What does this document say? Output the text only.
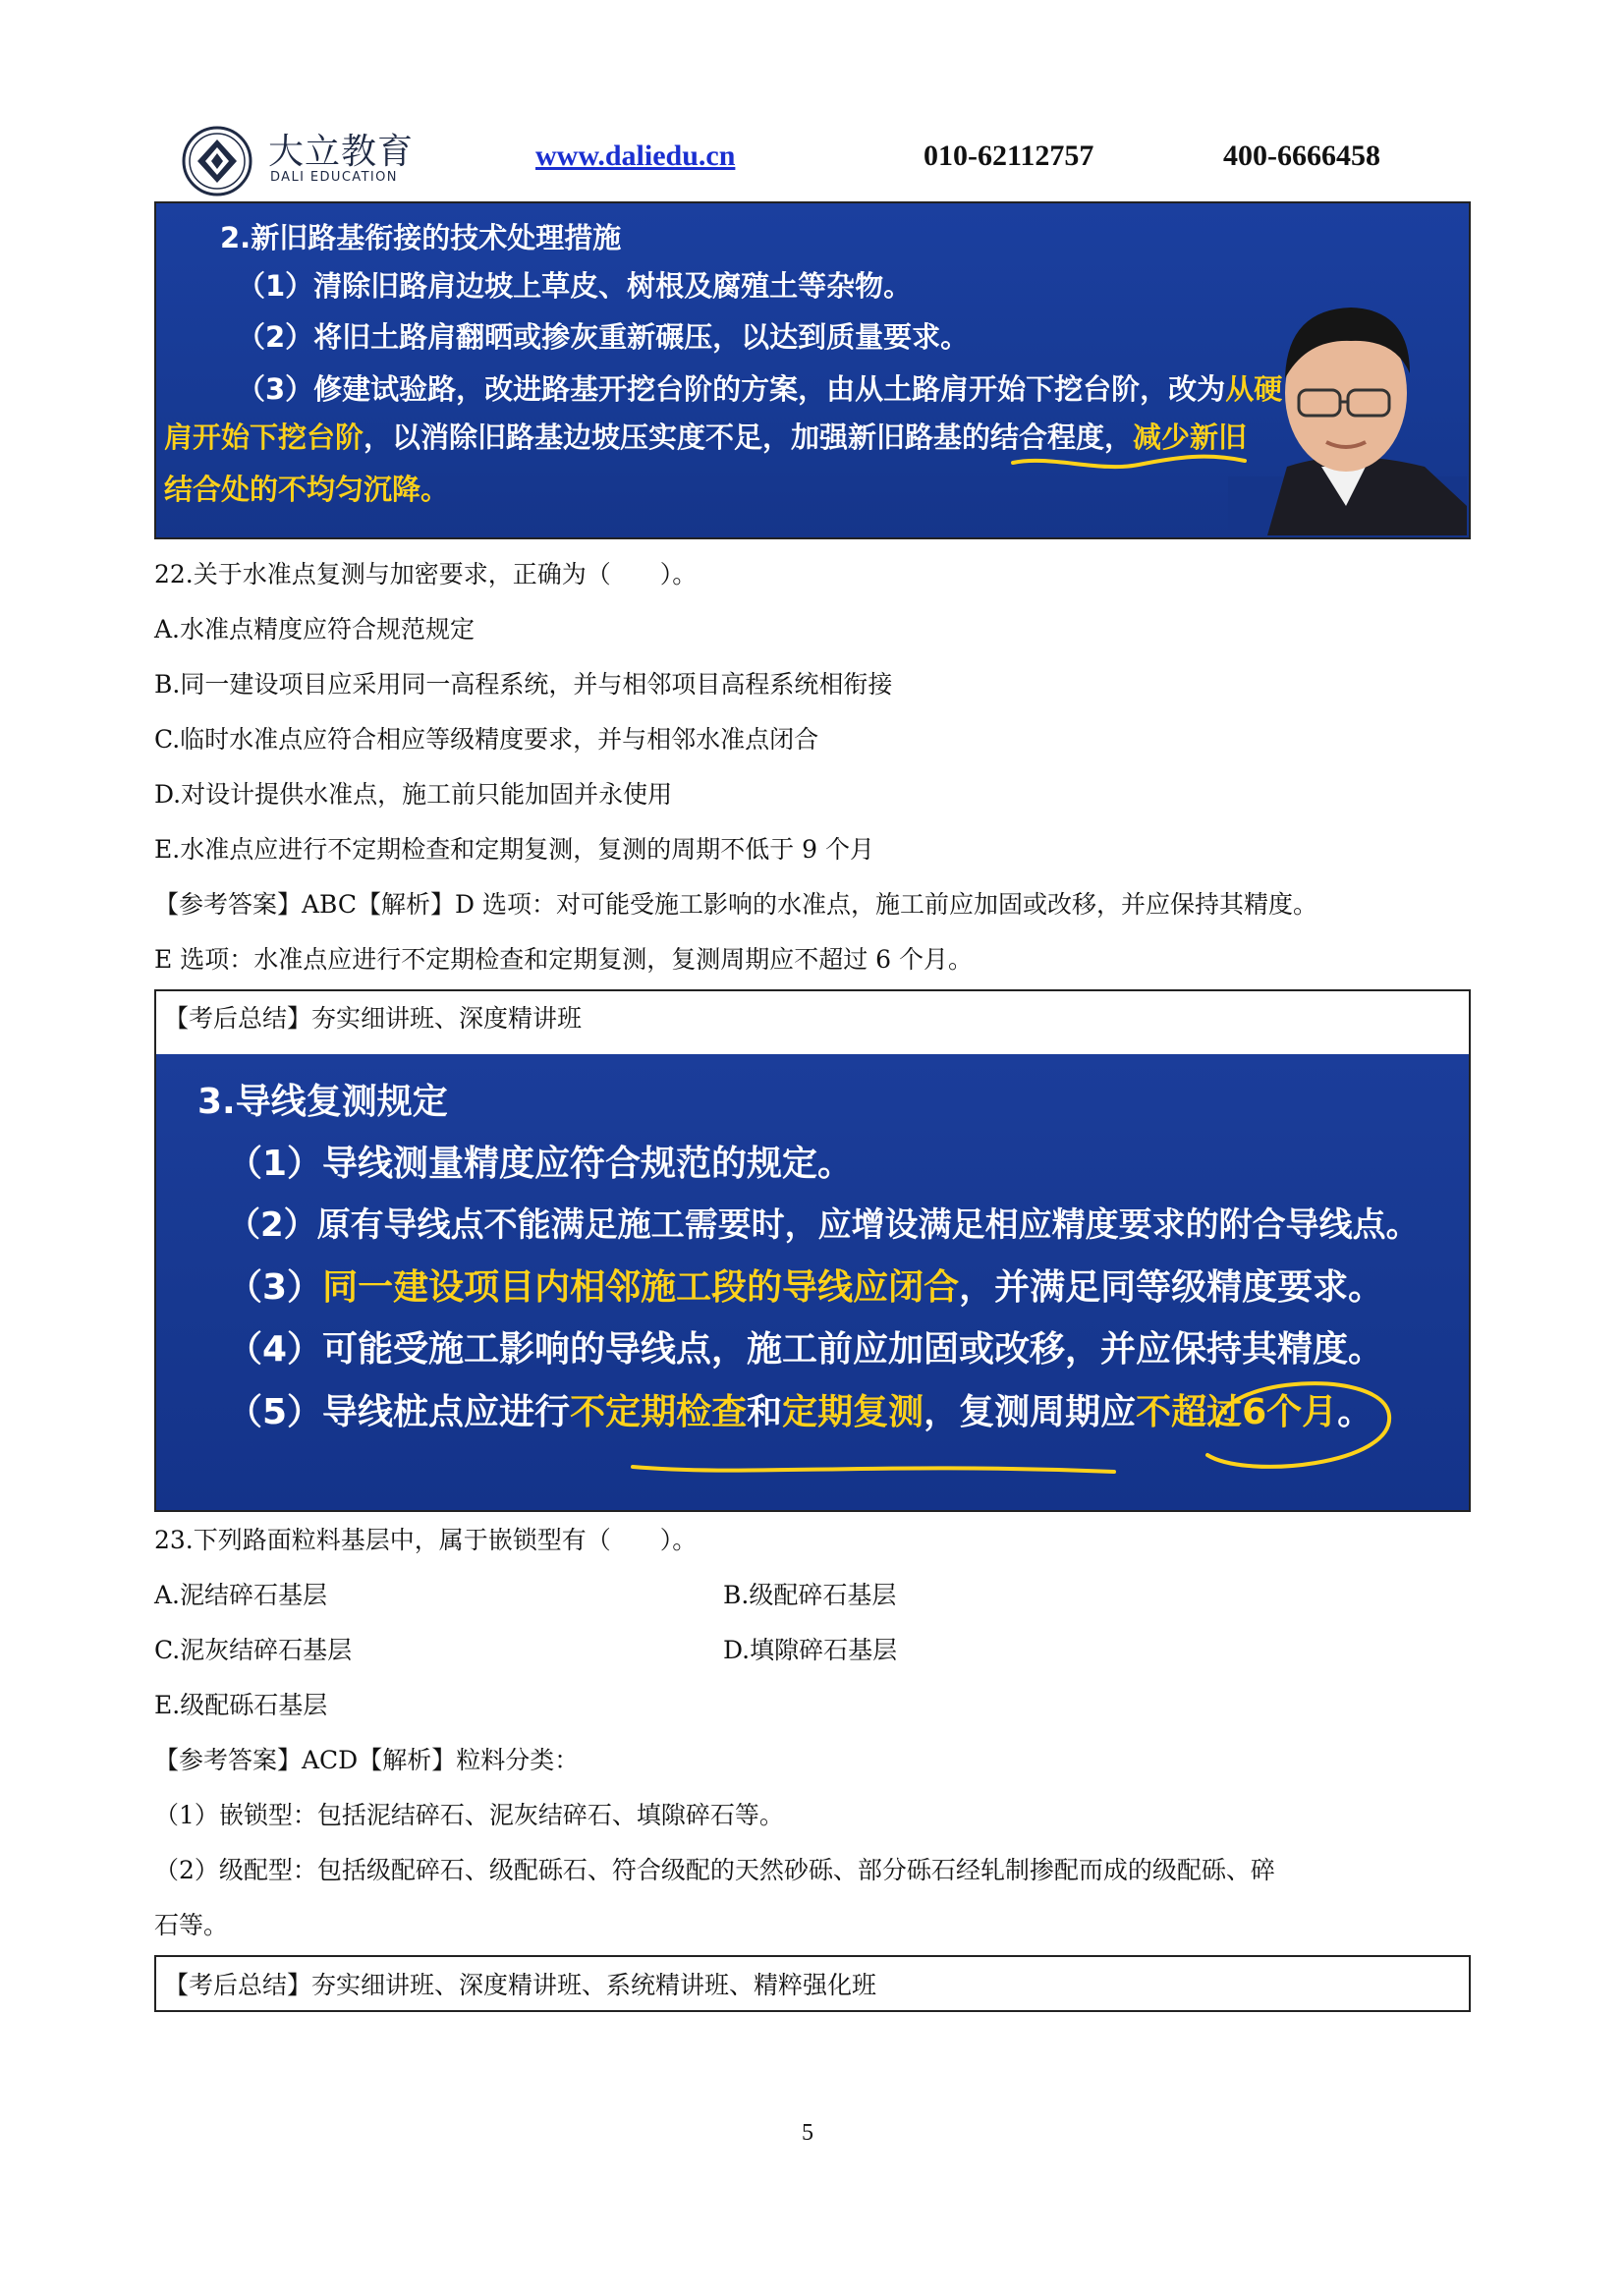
大立教育
DALI EDUCATION
www.daliedu.cn	010-62112757	400-6666458
2.新旧路基衔接的技术处理措施
（1）清除旧路肩边坡上草皮、树根及腐殖土等杂物。
（2）将旧土路肩翻晒或掺灰重新碾压，以达到质量要求。
（3）修建试验路，改进路基开挖台阶的方案，由从土路肩开始下挖台阶，改为从硬
肩开始下挖台阶，以消除旧路基边坡压实度不足，加强新旧路基的结合程度，减少新旧
结合处的不均匀沉降。
22.关于水准点复测与加密要求，正确为（　　）。
A.水准点精度应符合规范规定
B.同一建设项目应采用同一高程系统，并与相邻项目高程系统相衔接
C.临时水准点应符合相应等级精度要求，并与相邻水准点闭合
D.对设计提供水准点，施工前只能加固并永使用
E.水准点应进行不定期检查和定期复测，复测的周期不低于 9 个月
【参考答案】ABC【解析】D 选项：对可能受施工影响的水准点，施工前应加固或改移，并应保持其精度。
E 选项：水准点应进行不定期检查和定期复测，复测周期应不超过 6 个月。
【考后总结】夯实细讲班、深度精讲班
3.导线复测规定
（1）导线测量精度应符合规范的规定。
（2）原有导线点不能满足施工需要时，应增设满足相应精度要求的附合导线点。
（3）同一建设项目内相邻施工段的导线应闭合，并满足同等级精度要求。
（4）可能受施工影响的导线点，施工前应加固或改移，并应保持其精度。
（5）导线桩点应进行不定期检查和定期复测，复测周期应不超过6个月。
23.下列路面粒料基层中，属于嵌锁型有（　　）。
A.泥结碎石基层	B.级配碎石基层
C.泥灰结碎石基层	D.填隙碎石基层
E.级配砾石基层
【参考答案】ACD【解析】粒料分类：
（1）嵌锁型：包括泥结碎石、泥灰结碎石、填隙碎石等。
（2）级配型：包括级配碎石、级配砾石、符合级配的天然砂砾、部分砾石经轧制掺配而成的级配砾、碎
石等。
【考后总结】夯实细讲班、深度精讲班、系统精讲班、精粹强化班
5
